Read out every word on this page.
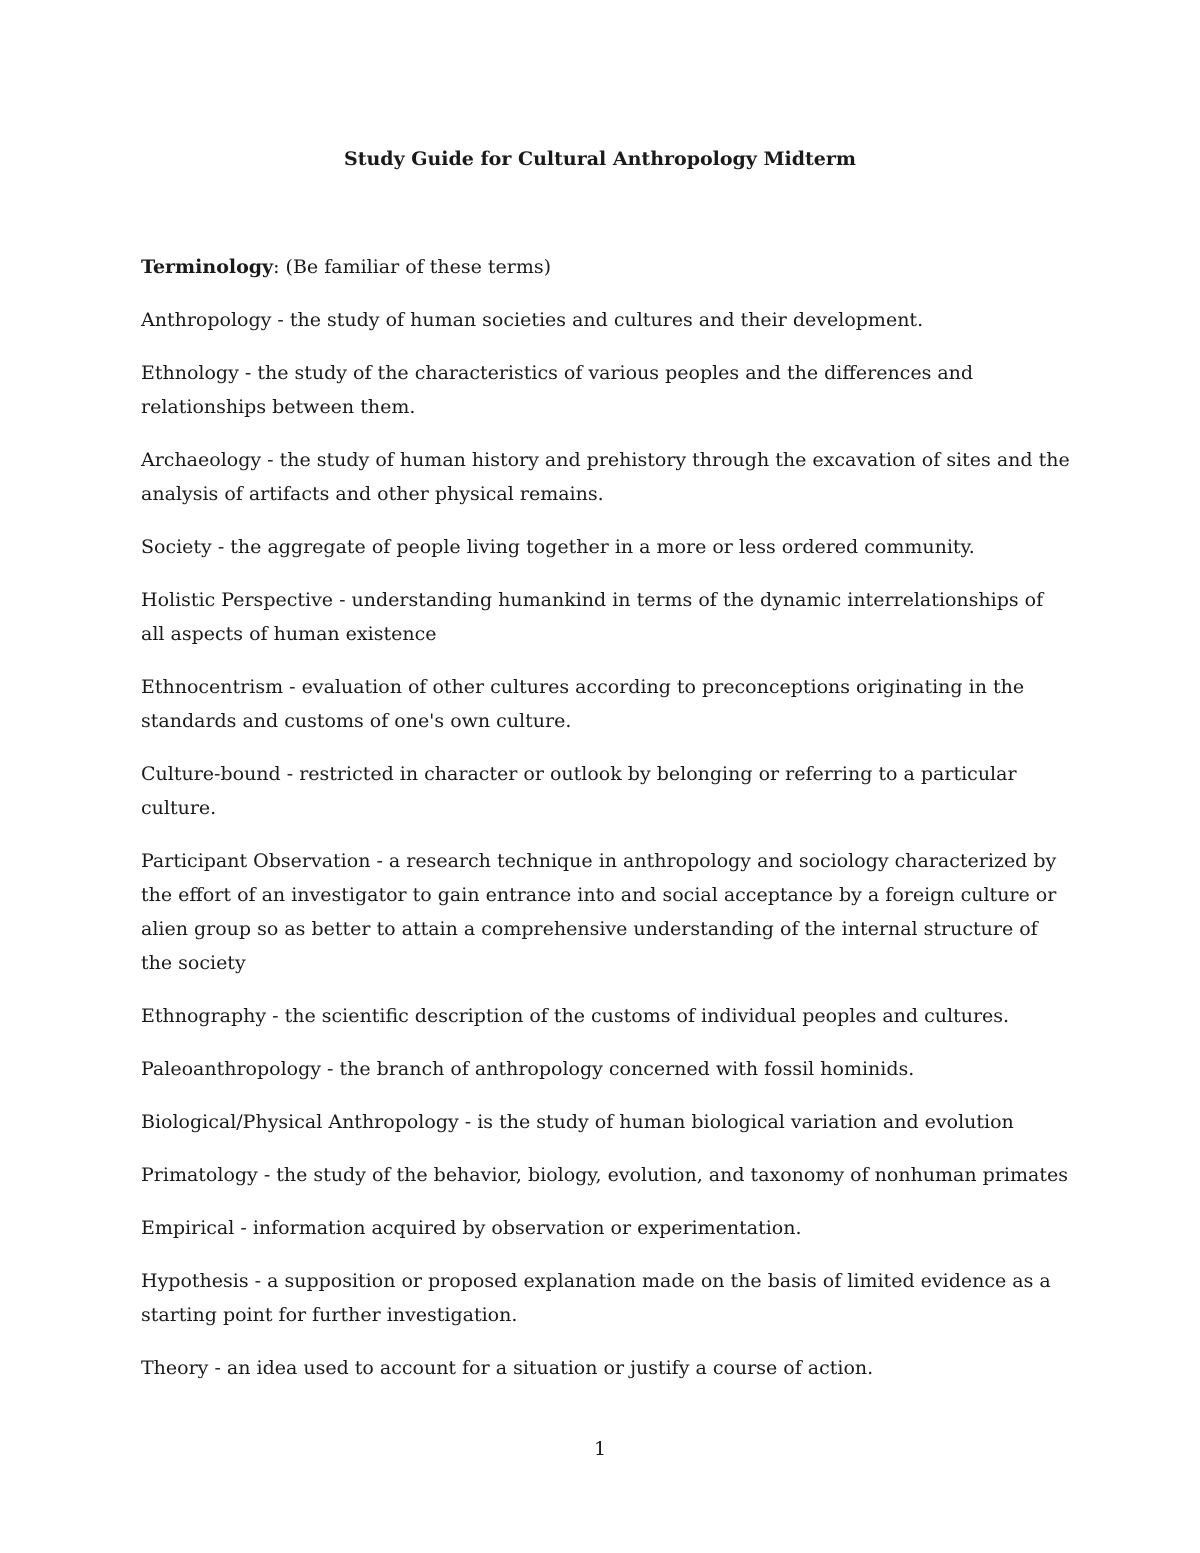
Study Guide for Cultural Anthropology Midterm

Terminology: (Be familiar of these terms)

Anthropology - the study of human societies and cultures and their development.

Ethnology - the study of the characteristics of various peoples and the differences and relationships between them.

Archaeology - the study of human history and prehistory through the excavation of sites and the analysis of artifacts and other physical remains.

Society - the aggregate of people living together in a more or less ordered community.

Holistic Perspective - understanding humankind in terms of the dynamic interrelationships of all aspects of human existence

Ethnocentrism - evaluation of other cultures according to preconceptions originating in the standards and customs of one's own culture.

Culture-bound - restricted in character or outlook by belonging or referring to a particular culture.

Participant Observation - a research technique in anthropology and sociology characterized by the effort of an investigator to gain entrance into and social acceptance by a foreign culture or alien group so as better to attain a comprehensive understanding of the internal structure of the society

Ethnography - the scientific description of the customs of individual peoples and cultures.

Paleoanthropology - the branch of anthropology concerned with fossil hominids.

Biological/Physical Anthropology - is the study of human biological variation and evolution

Primatology - the study of the behavior, biology, evolution, and taxonomy of nonhuman primates

Empirical - information acquired by observation or experimentation.

Hypothesis - a supposition or proposed explanation made on the basis of limited evidence as a starting point for further investigation.

Theory - an idea used to account for a situation or justify a course of action.

1
